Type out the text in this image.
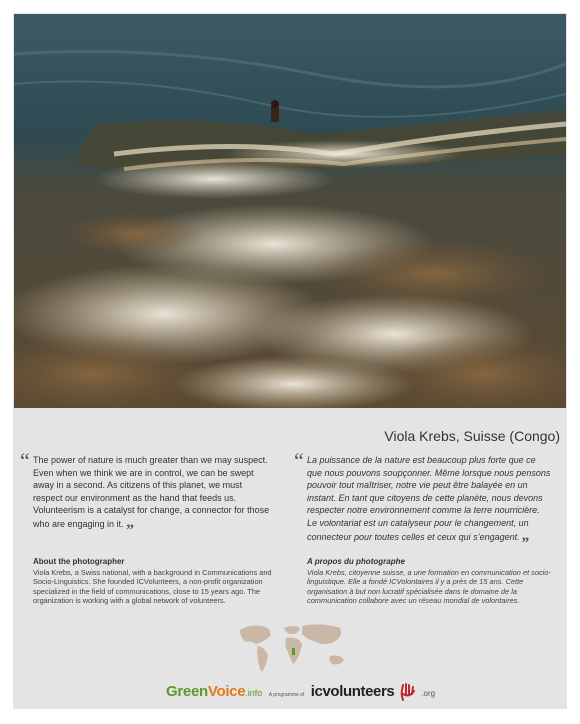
Viola Krebs, Suisse (Congo)
“ The power of nature is much greater than we may suspect. Even when we think we are in control, we can be swept away in a second. As citizens of this planet, we must respect our environment as the hand that feeds us. Volunteerism is a catalyst for change, a connector for those who are engaging in it. „
“ La puissance de la nature est beaucoup plus forte que ce que nous pouvons soupçonner. Même lorsque nous pensons pouvoir tout maîtriser, notre vie peut être balayée en un instant. En tant que citoyens de cette planète, nous devons respecter notre environnement comme la terre nourricière. Le volontariat est un catalyseur pour le changement, un connecteur pour toutes celles et ceux qui s’engagent. „
About the photographer
Viola Krebs, a Swiss national, with a background in Communications and Socio-Linguistics. She founded ICVolunteers, a non-profit organization specialized in the field of communications, close to 15 years ago. The organization is working with a global network of volunteers.
A propos du photographe
Viola Krebs, citoyenne suisse, a une formation en communication et socio-linguistique. Elle a fondé ICVolontaires il y a près de 15 ans. Cette organisation à but non lucratif spécialisée dans le domaine de la communication collabore avec un réseau mondial de volontaires.
GreenVoice.info A programme of icvolunteers	.org
